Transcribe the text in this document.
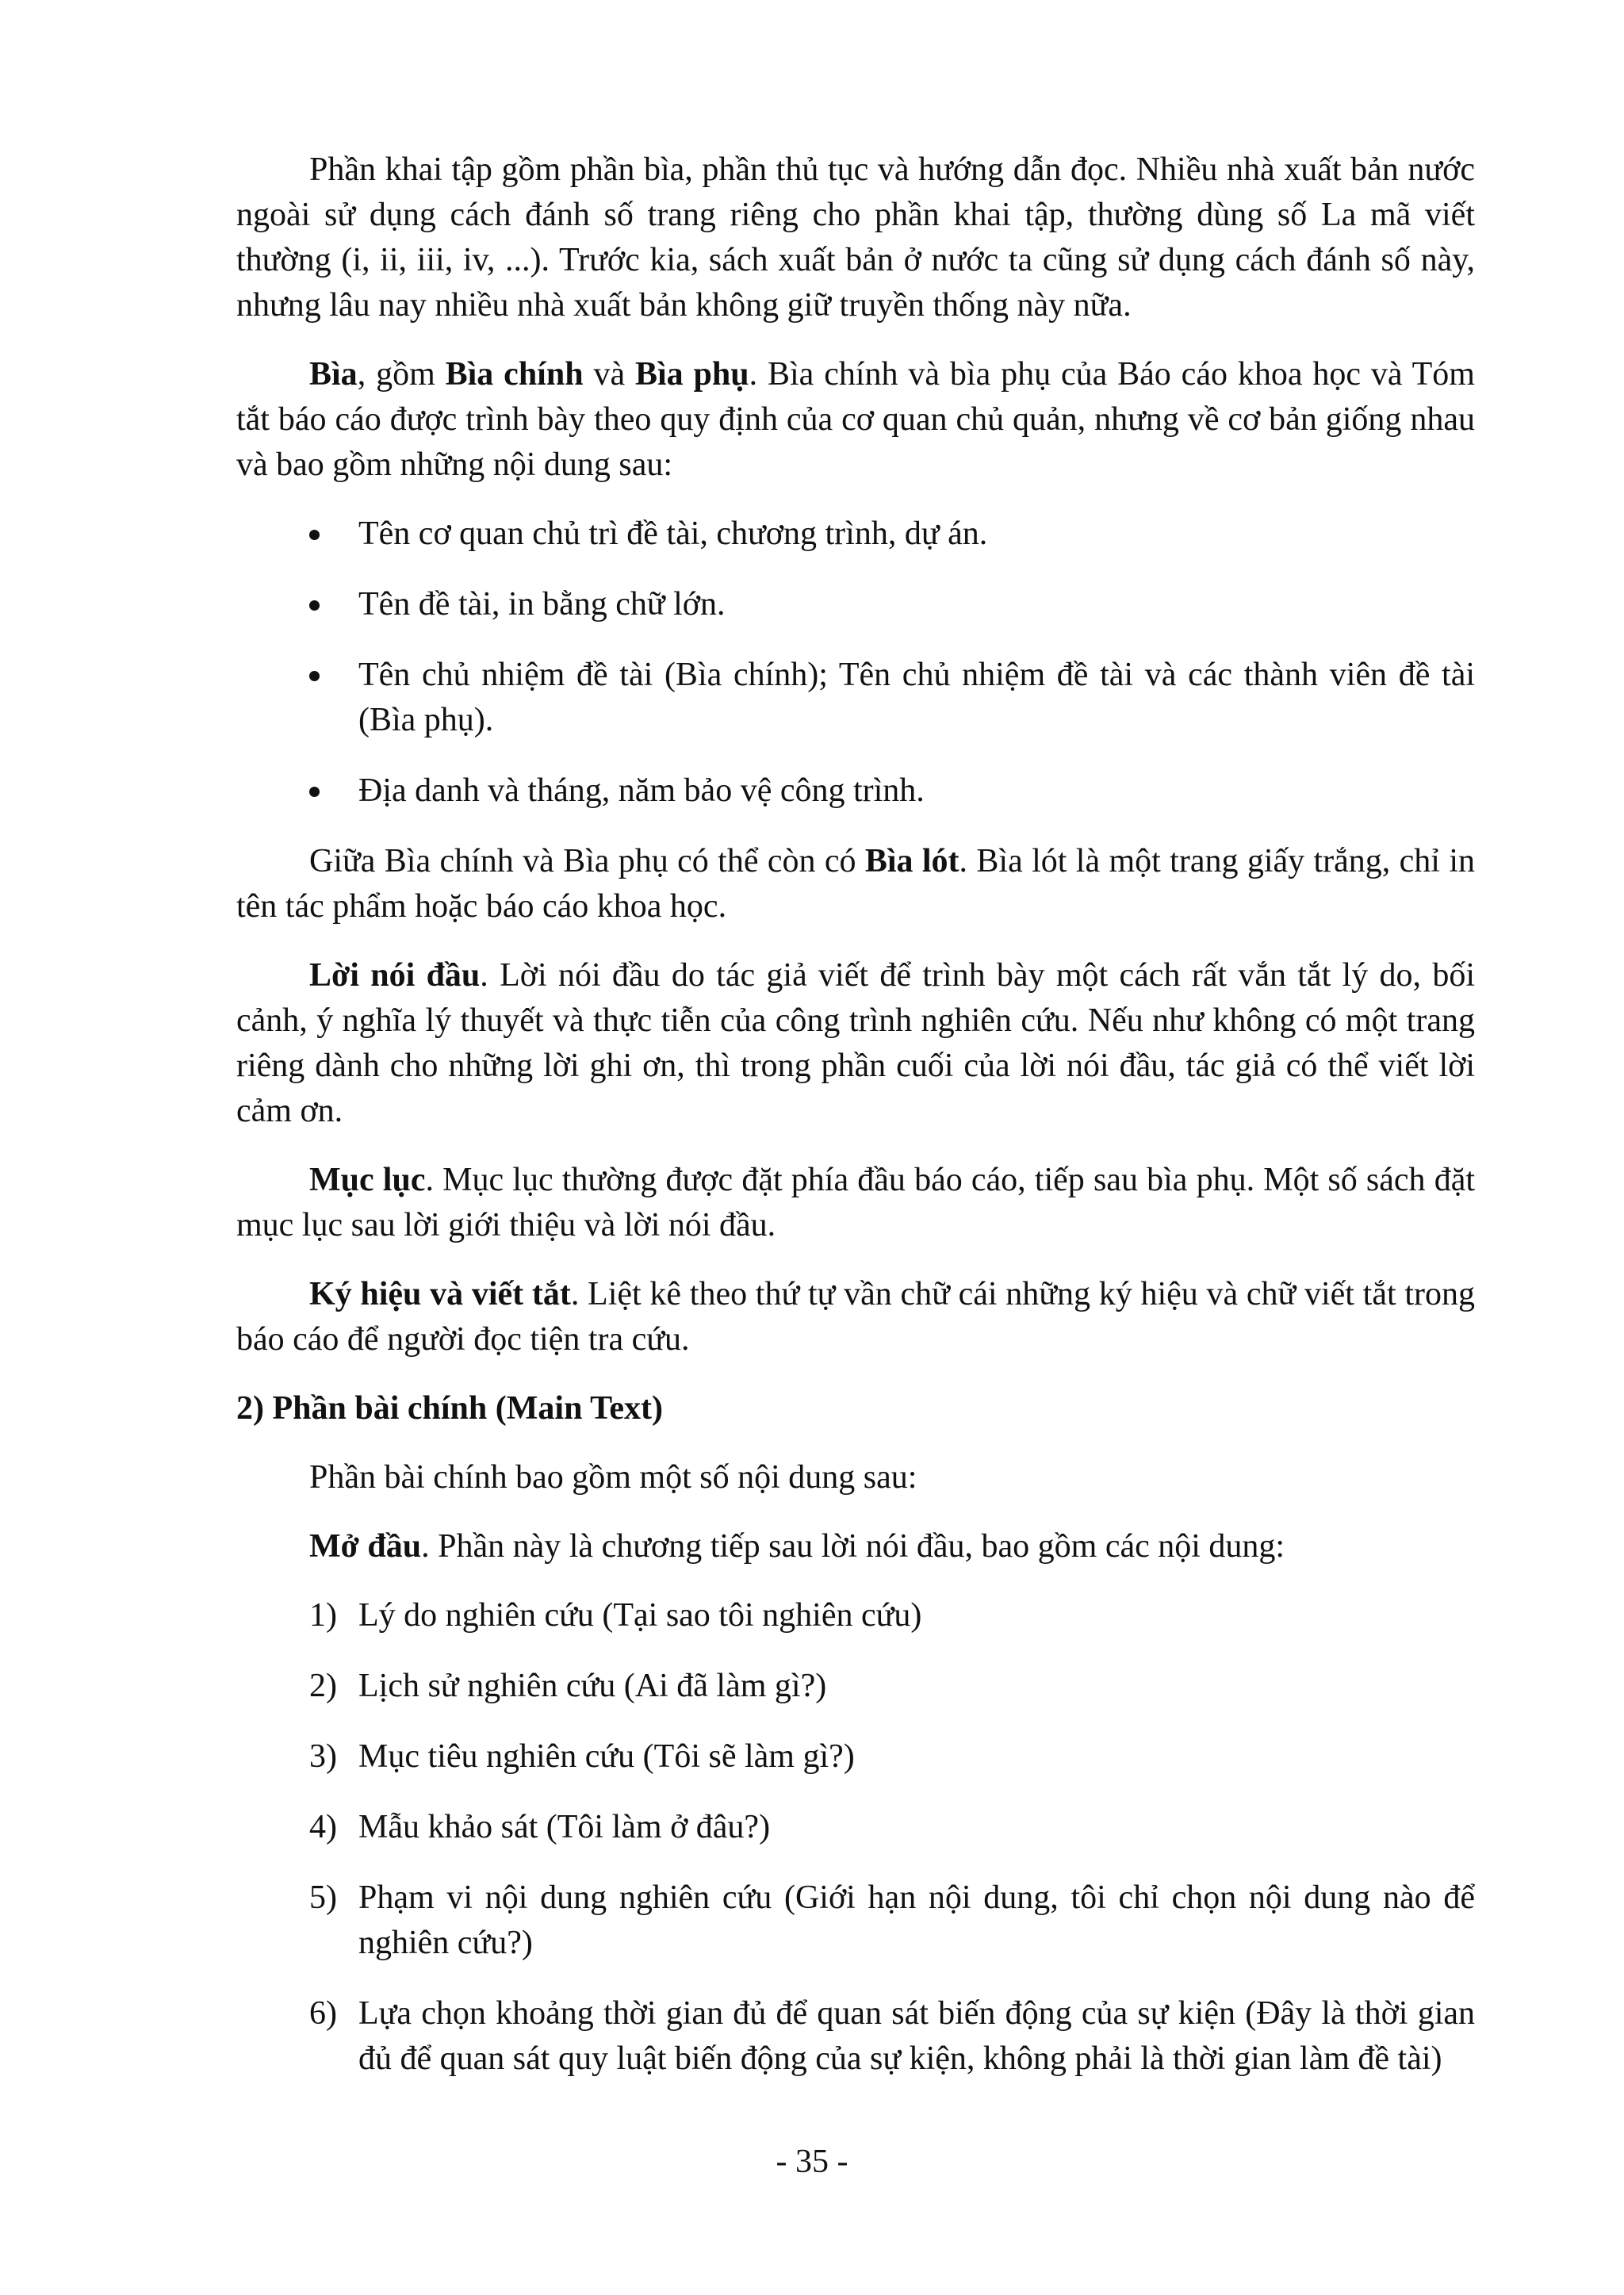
Phần khai tập gồm phần bìa, phần thủ tục và hướng dẫn đọc. Nhiều nhà xuất bản nước ngoài sử dụng cách đánh số trang riêng cho phần khai tập, thường dùng số La mã viết thường (i, ii, iii, iv, ...). Trước kia, sách xuất bản ở nước ta cũng sử dụng cách đánh số này, nhưng lâu nay nhiều nhà xuất bản không giữ truyền thống này nữa.

Bìa, gồm Bìa chính và Bìa phụ. Bìa chính và bìa phụ của Báo cáo khoa học và Tóm tắt báo cáo được trình bày theo quy định của cơ quan chủ quản, nhưng về cơ bản giống nhau và bao gồm những nội dung sau:

Tên cơ quan chủ trì đề tài, chương trình, dự án.
Tên đề tài, in bằng chữ lớn.
Tên chủ nhiệm đề tài (Bìa chính); Tên chủ nhiệm đề tài và các thành viên đề tài (Bìa phụ).
Địa danh và tháng, năm bảo vệ công trình.

Giữa Bìa chính và Bìa phụ có thể còn có Bìa lót. Bìa lót là một trang giấy trắng, chỉ in tên tác phẩm hoặc báo cáo khoa học.

Lời nói đầu. Lời nói đầu do tác giả viết để trình bày một cách rất vắn tắt lý do, bối cảnh, ý nghĩa lý thuyết và thực tiễn của công trình nghiên cứu. Nếu như không có một trang riêng dành cho những lời ghi ơn, thì trong phần cuối của lời nói đầu, tác giả có thể viết lời cảm ơn.

Mục lục. Mục lục thường được đặt phía đầu báo cáo, tiếp sau bìa phụ. Một số sách đặt mục lục sau lời giới thiệu và lời nói đầu.

Ký hiệu và viết tắt. Liệt kê theo thứ tự vần chữ cái những ký hiệu và chữ viết tắt trong báo cáo để người đọc tiện tra cứu.

2) Phần bài chính (Main Text)

Phần bài chính bao gồm một số nội dung sau:

Mở đầu. Phần này là chương tiếp sau lời nói đầu, bao gồm các nội dung:

1) Lý do nghiên cứu (Tại sao tôi nghiên cứu)
2) Lịch sử nghiên cứu (Ai đã làm gì?)
3) Mục tiêu nghiên cứu (Tôi sẽ làm gì?)
4) Mẫu khảo sát (Tôi làm ở đâu?)
5) Phạm vi nội dung nghiên cứu (Giới hạn nội dung, tôi chỉ chọn nội dung nào để nghiên cứu?)
6) Lựa chọn khoảng thời gian đủ để quan sát biến động của sự kiện (Đây là thời gian đủ để quan sát quy luật biến động của sự kiện, không phải là thời gian làm đề tài)
- 35 -
